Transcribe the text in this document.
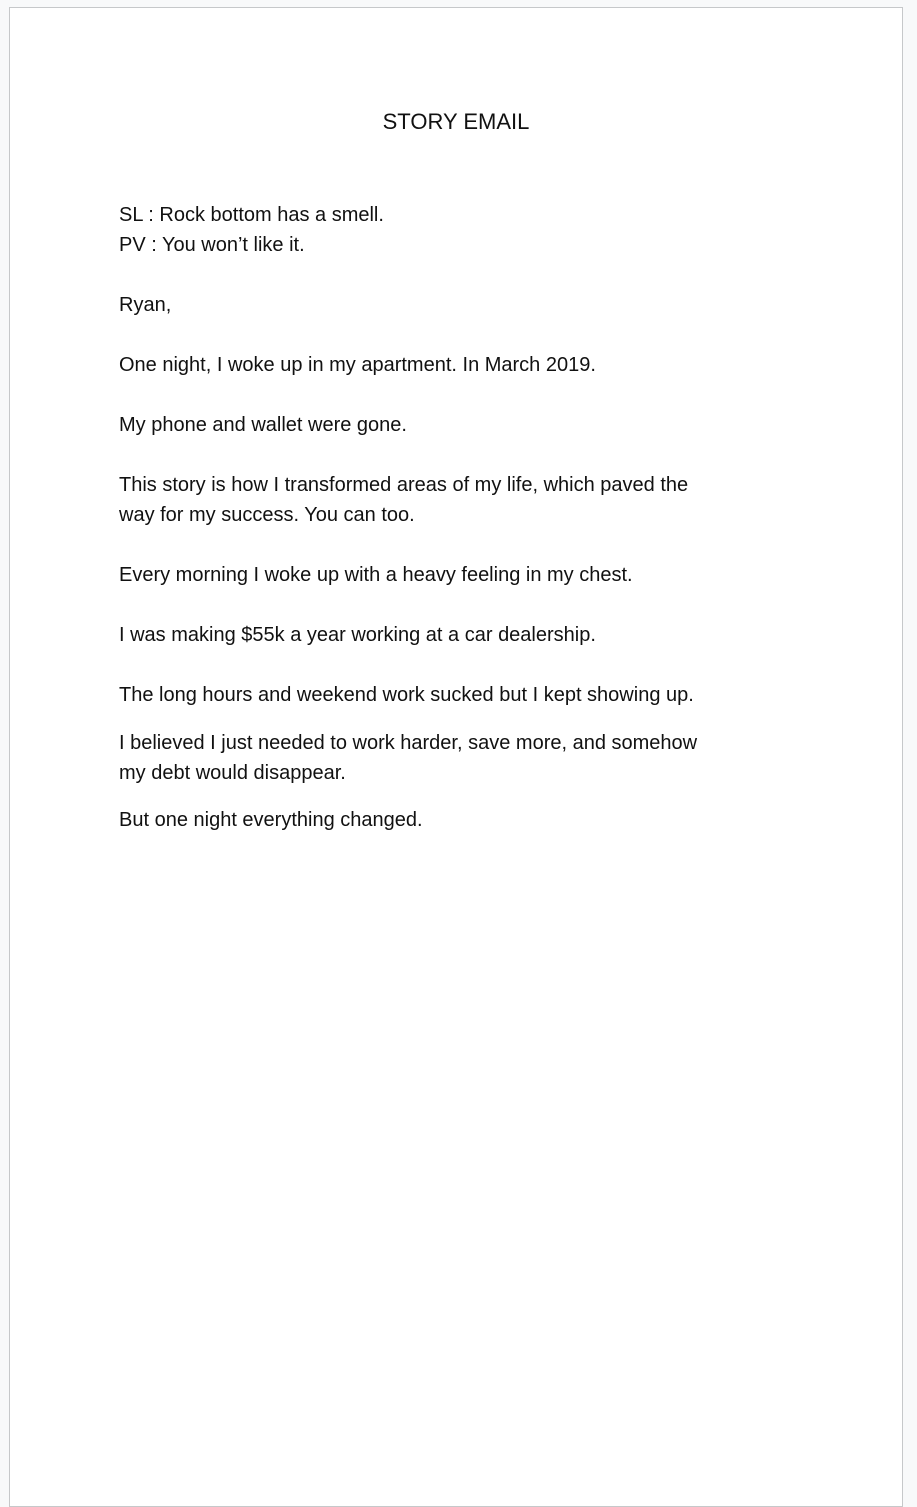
STORY EMAIL

SL : Rock bottom has a smell.
PV : You won’t like it.

Ryan,

One night, I woke up in my apartment. In March 2019.

My phone and wallet were gone.

This story is how I transformed areas of my life, which paved the
way for my success. You can too.

Every morning I woke up with a heavy feeling in my chest.

I was making $55k a year working at a car dealership.

The long hours and weekend work sucked but I kept showing up.

I believed I just needed to work harder, save more, and somehow
my debt would disappear.

But one night everything changed.
